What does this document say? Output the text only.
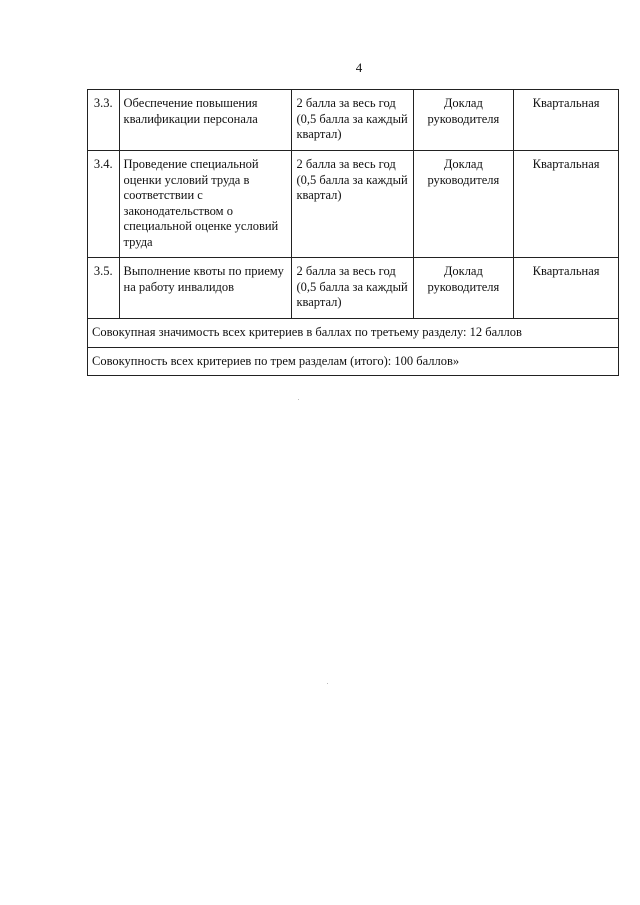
4
3.3.	Обеспечение повышения квалификации персонала	2 балла за весь год (0,5 балла за каждый квартал)	Доклад руководителя	Квартальная
3.4.	Проведение специальной оценки условий труда в соответствии с законодательством о специальной оценке условий труда	2 балла за весь год (0,5 балла за каждый квартал)	Доклад руководителя	Квартальная
3.5.	Выполнение квоты по приему на работу инвалидов	2 балла за весь год (0,5 балла за каждый квартал)	Доклад руководителя	Квартальная
Совокупная значимость всех критериев в баллах по третьему разделу: 12 баллов				
Совокупность всех критериев по трем разделам (итого): 100 баллов»				
